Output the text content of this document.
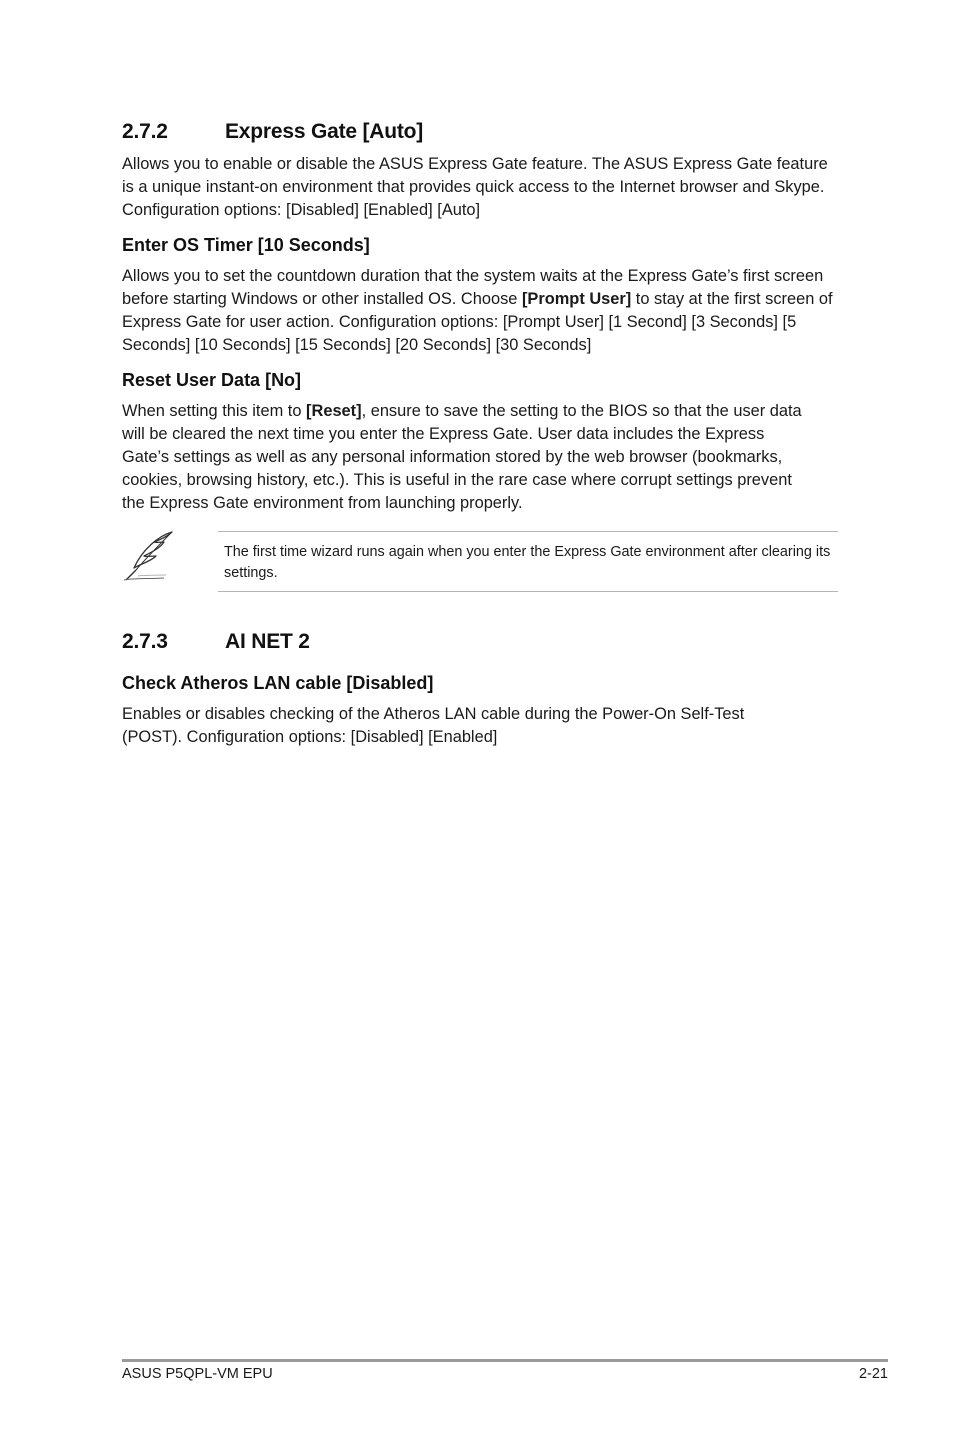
2.7.2	Express Gate [Auto]

Allows you to enable or disable the ASUS Express Gate feature. The ASUS Express Gate feature is a unique instant-on environment that provides quick access to the Internet browser and Skype. Configuration options: [Disabled] [Enabled] [Auto]

Enter OS Timer [10 Seconds]

Allows you to set the countdown duration that the system waits at the Express Gate’s first screen before starting Windows or other installed OS. Choose [Prompt User] to stay at the first screen of Express Gate for user action. Configuration options: [Prompt User] [1 Second] [3 Seconds] [5 Seconds] [10 Seconds] [15 Seconds] [20 Seconds] [30 Seconds]

Reset User Data [No]

When setting this item to [Reset], ensure to save the setting to the BIOS so that the user data will be cleared the next time you enter the Express Gate. User data includes the Express Gate’s settings as well as any personal information stored by the web browser (bookmarks, cookies, browsing history, etc.). This is useful in the rare case where corrupt settings prevent the Express Gate environment from launching properly.

The first time wizard runs again when you enter the Express Gate environment after clearing its settings.

2.7.3	AI NET 2
Check Atheros LAN cable [Disabled]

Enables or disables checking of the Atheros LAN cable during the Power-On Self-Test (POST). Configuration options: [Disabled] [Enabled]

ASUS P5QPL-VM EPU	2-21
